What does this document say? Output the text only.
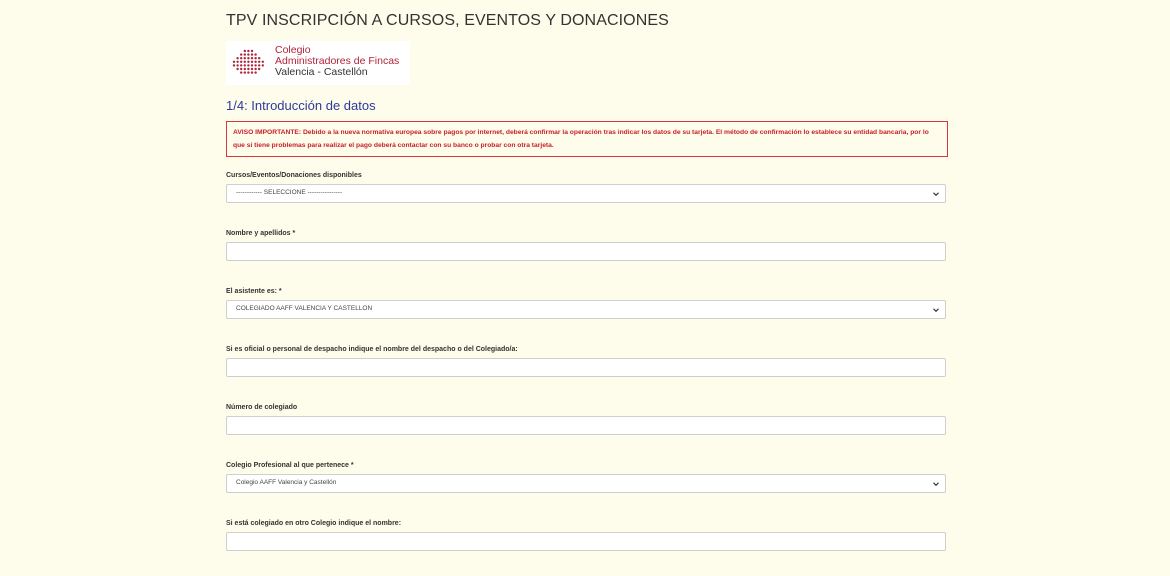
TPV INSCRIPCIÓN A CURSOS, EVENTOS Y DONACIONES
Colegio
Administradores de Fincas
Valencia - Castellón
1/4: Introducción de datos
AVISO IMPORTANTE: Debido a la nueva normativa europea sobre pagos por internet, deberá confirmar la operación tras indicar los datos de su tarjeta. El método de confirmación lo establece su entidad bancaria, por lo que si tiene problemas para realizar el pago deberá contactar con su banco o probar con otra tarjeta.
Cursos/Eventos/Donaciones disponibles
------------ SELECCIONE ----------------
Nombre y apellidos *
El asistente es: *
COLEGIADO AAFF VALENCIA Y CASTELLON
Si es oficial o personal de despacho indique el nombre del despacho o del Colegiado/a:
Número de colegiado
Colegio Profesional al que pertenece *
Colegio AAFF Valencia y Castellón
Si está colegiado en otro Colegio indique el nombre:
